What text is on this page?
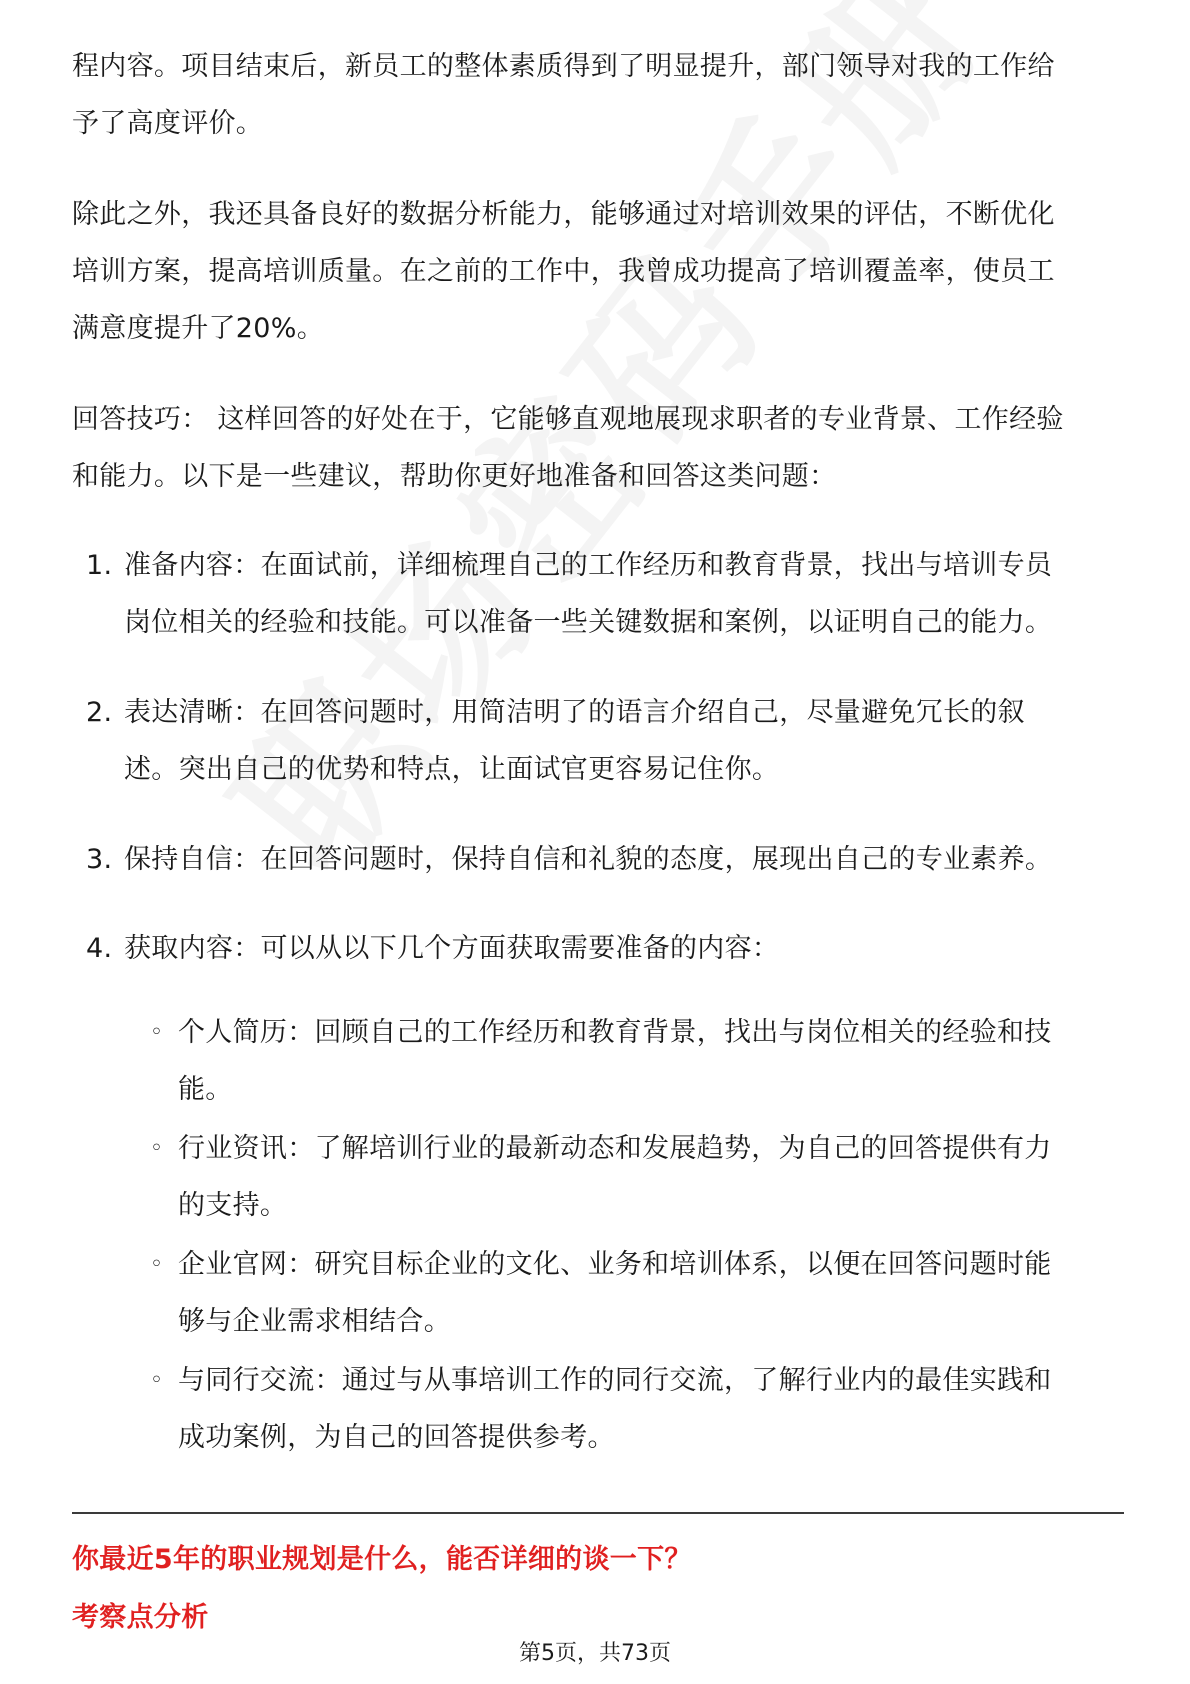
程内容。项目结束后，新员工的整体素质得到了明显提升，部门领导对我的工作给
予了高度评价。
除此之外，我还具备良好的数据分析能力，能够通过对培训效果的评估，不断优化
培训方案，提高培训质量。在之前的工作中，我曾成功提高了培训覆盖率，使员工
满意度提升了20%。
回答技巧： 这样回答的好处在于，它能够直观地展现求职者的专业背景、工作经验
和能力。以下是一些建议，帮助你更好地准备和回答这类问题：
1. 准备内容：在面试前，详细梳理自己的工作经历和教育背景，找出与培训专员
岗位相关的经验和技能。可以准备一些关键数据和案例，以证明自己的能力。
2. 表达清晰：在回答问题时，用简洁明了的语言介绍自己，尽量避免冗长的叙
述。突出自己的优势和特点，让面试官更容易记住你。
3. 保持自信：在回答问题时，保持自信和礼貌的态度，展现出自己的专业素养。
4. 获取内容：可以从以下几个方面获取需要准备的内容：
◦ 个人简历：回顾自己的工作经历和教育背景，找出与岗位相关的经验和技
能。
◦ 行业资讯：了解培训行业的最新动态和发展趋势，为自己的回答提供有力
的支持。
◦ 企业官网：研究目标企业的文化、业务和培训体系，以便在回答问题时能
够与企业需求相结合。
◦ 与同行交流：通过与从事培训工作的同行交流，了解行业内的最佳实践和
成功案例，为自己的回答提供参考。
你最近5年的职业规划是什么，能否详细的谈一下？
考察点分析
第5页，共73页
